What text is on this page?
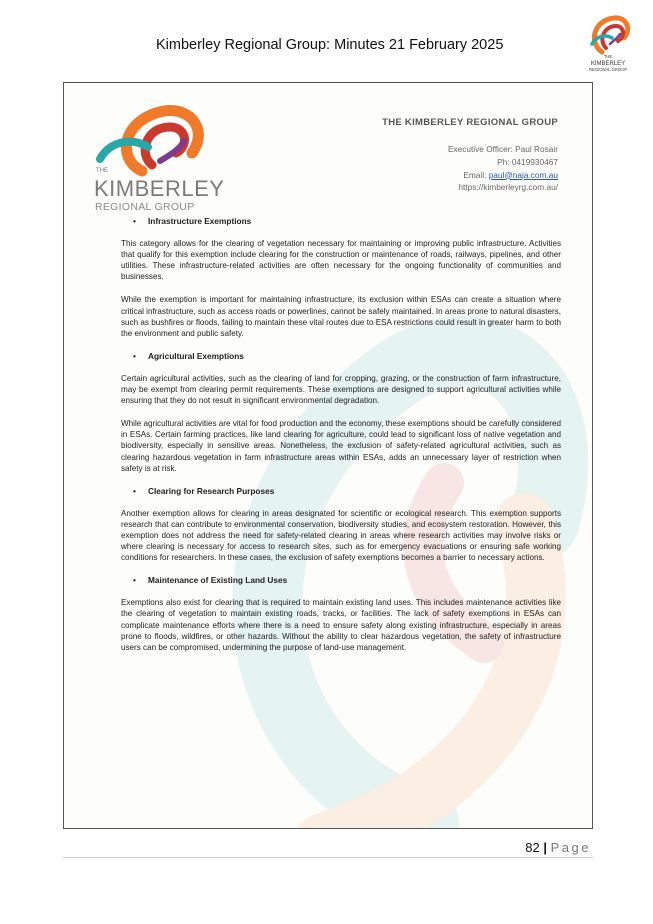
Kimberley Regional Group: Minutes 21 February 2025
THE
KIMBERLEY
REGIONAL GROUP
THE
KIMBERLEY
REGIONAL GROUP
THE KIMBERLEY REGIONAL GROUP
Executive Officer: Paul Rosair
Ph: 0419930467
Email: paul@naja.com.au
https://kimberleyrg.com.au/
• Infrastructure Exemptions

This category allows for the clearing of vegetation necessary for maintaining or improving public infrastructure. Activities that qualify for this exemption include clearing for the construction or maintenance of roads, railways, pipelines, and other utilities. These infrastructure-related activities are often necessary for the ongoing functionality of communities and businesses.

While the exemption is important for maintaining infrastructure, its exclusion within ESAs can create a situation where critical infrastructure, such as access roads or powerlines, cannot be safely maintained. In areas prone to natural disasters, such as bushfires or floods, failing to maintain these vital routes due to ESA restrictions could result in greater harm to both the environment and public safety.

• Agricultural Exemptions

Certain agricultural activities, such as the clearing of land for cropping, grazing, or the construction of farm infrastructure, may be exempt from clearing permit requirements. These exemptions are designed to support agricultural activities while ensuring that they do not result in significant environmental degradation.

While agricultural activities are vital for food production and the economy, these exemptions should be carefully considered in ESAs. Certain farming practices, like land clearing for agriculture, could lead to significant loss of native vegetation and biodiversity, especially in sensitive areas. Nonetheless, the exclusion of safety-related agricultural activities, such as clearing hazardous vegetation in farm infrastructure areas within ESAs, adds an unnecessary layer of restriction when safety is at risk.

• Clearing for Research Purposes

Another exemption allows for clearing in areas designated for scientific or ecological research. This exemption supports research that can contribute to environmental conservation, biodiversity studies, and ecosystem restoration. However, this exemption does not address the need for safety-related clearing in areas where research activities may involve risks or where clearing is necessary for access to research sites, such as for emergency evacuations or ensuring safe working conditions for researchers. In these cases, the exclusion of safety exemptions becomes a barrier to necessary actions.

• Maintenance of Existing Land Uses

Exemptions also exist for clearing that is required to maintain existing land uses. This includes maintenance activities like the clearing of vegetation to maintain existing roads, tracks, or facilities. The lack of safety exemptions in ESAs can complicate maintenance efforts where there is a need to ensure safety along existing infrastructure, especially in areas prone to floods, wildfires, or other hazards. Without the ability to clear hazardous vegetation, the safety of infrastructure users can be compromised, undermining the purpose of land-use management.

82 | Page
